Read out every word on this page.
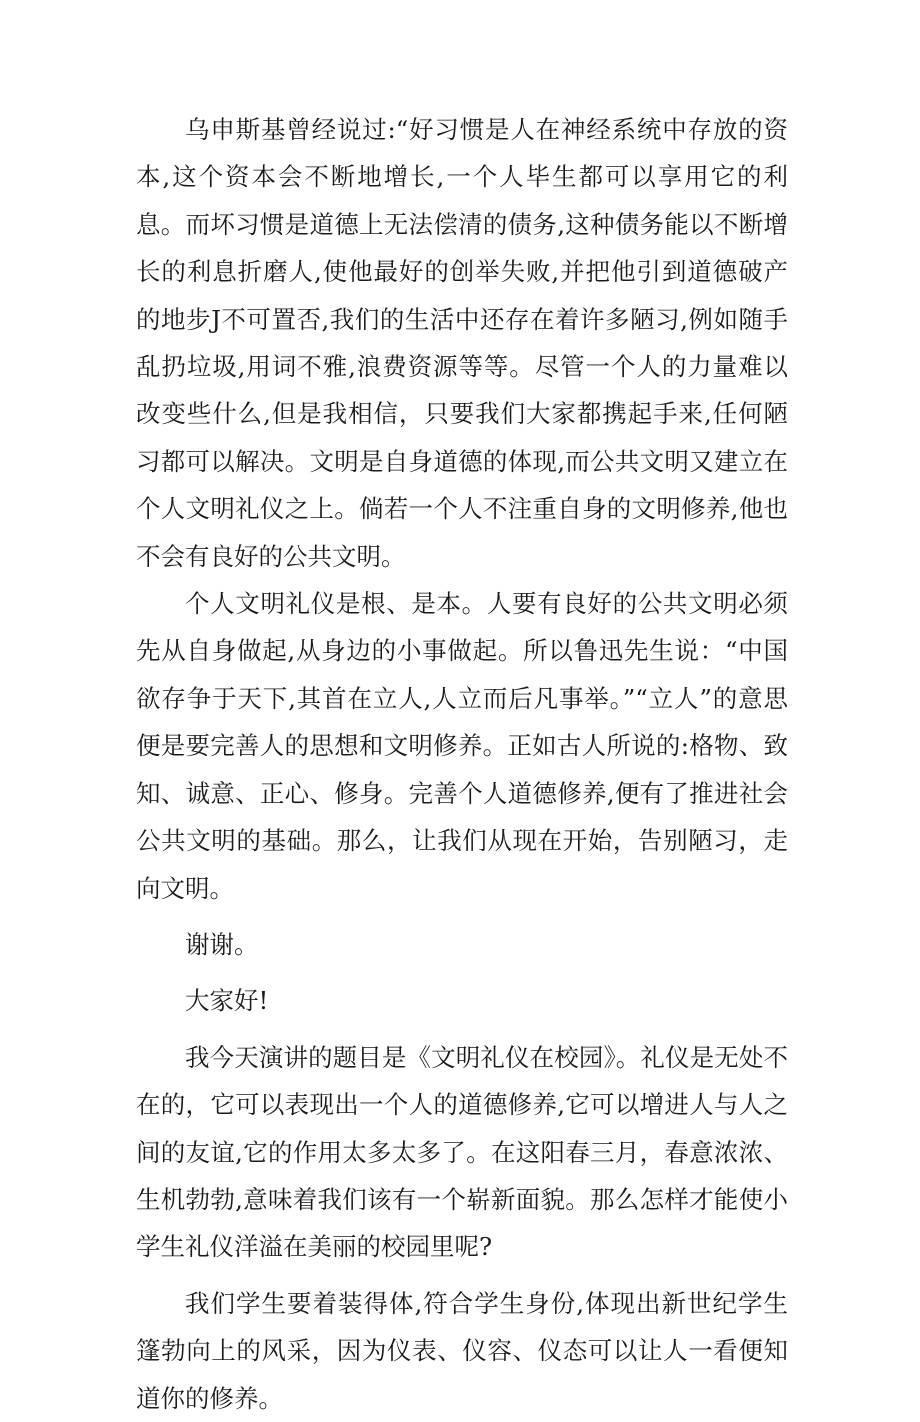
乌申斯基曾经说过:“好习惯是人在神经系统中存放的资本,这个资本会不断地增长,一个人毕生都可以享用它的利息。而坏习惯是道德上无法偿清的债务,这种债务能以不断增长的利息折磨人,使他最好的创举失败,并把他引到道德破产的地步J不可置否,我们的生活中还存在着许多陋习,例如随手乱扔垃圾,用词不雅,浪费资源等等。尽管一个人的力量难以改变些什么,但是我相信，只要我们大家都携起手来,任何陋习都可以解决。文明是自身道德的体现,而公共文明又建立在个人文明礼仪之上。倘若一个人不注重自身的文明修养,他也不会有良好的公共文明。

个人文明礼仪是根、是本。人要有良好的公共文明必须先从自身做起,从身边的小事做起。所以鲁迅先生说：“中国欲存争于天下,其首在立人,人立而后凡事举。”“立人”的意思便是要完善人的思想和文明修养。正如古人所说的:格物、致知、诚意、正心、修身。完善个人道德修养,便有了推进社会公共文明的基础。那么，让我们从现在开始，告别陋习，走向文明。

谢谢。

大家好!

我今天演讲的题目是《文明礼仪在校园》。礼仪是无处不在的，它可以表现出一个人的道德修养,它可以增进人与人之间的友谊,它的作用太多太多了。在这阳春三月，春意浓浓、生机勃勃,意味着我们该有一个崭新面貌。那么怎样才能使小学生礼仪洋溢在美丽的校园里呢?

我们学生要着装得体,符合学生身份,体现出新世纪学生篷勃向上的风采，因为仪表、仪容、仪态可以让人一看便知道你的修养。
